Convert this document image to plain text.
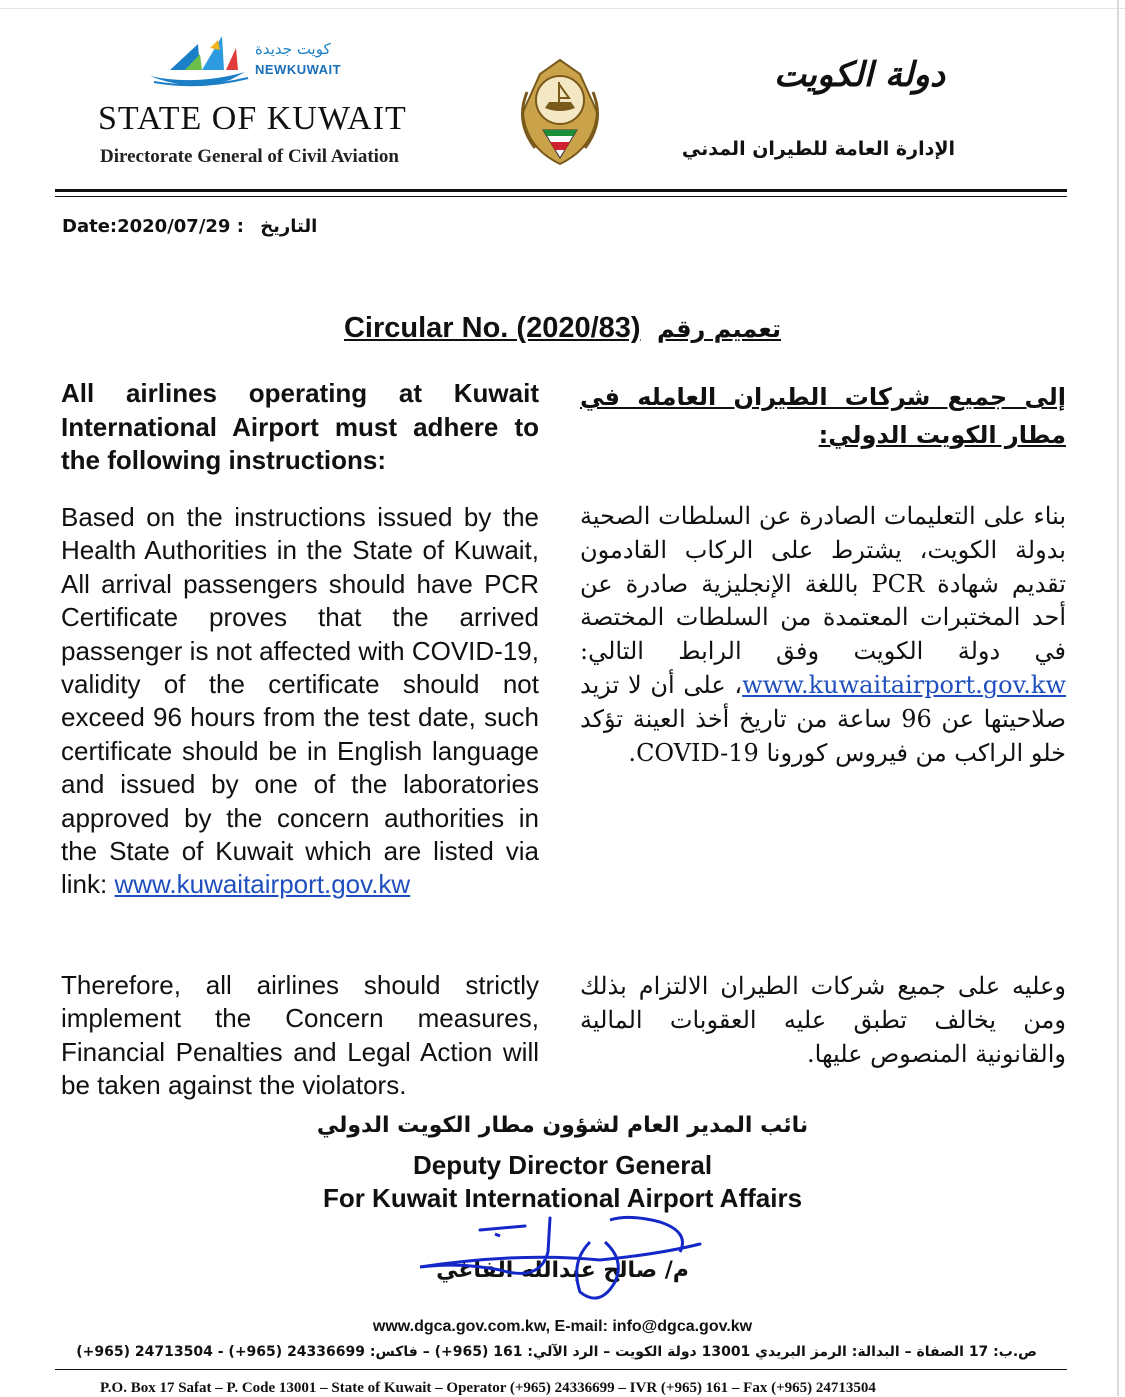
كويت جديدة
NEWKUWAIT
STATE OF KUWAIT
Directorate General of Civil Aviation
دولة الكويت
الإدارة العامة للطيران المدني
Date:2020/07/29 : التاريخ
Circular No. (2020/83) تعميم رقم

All airlines operating at Kuwait International Airport must adhere to the following instructions:

Based on the instructions issued by the Health Authorities in the State of Kuwait, All arrival passengers should have PCR Certificate proves that the arrived passenger is not affected with COVID-19, validity of the certificate should not exceed 96 hours from the test date, such certificate should be in English language and issued by one of the laboratories approved by the concern authorities in the State of Kuwait which are listed via link: www.kuwaitairport.gov.kw

Therefore, all airlines should strictly implement the Concern measures, Financial Penalties and Legal Action will be taken against the violators.

إلى جميع شركات الطيران العامله في مطار الكويت الدولي:

بناء على التعليمات الصادرة عن السلطات الصحية بدولة الكويت، يشترط على الركاب القادمون تقديم شهادة PCR باللغة الإنجليزية صادرة عن أحد المختبرات المعتمدة من السلطات المختصة في دولة الكويت وفق الرابط التالي: www.kuwaitairport.gov.kw، على أن لا تزيد صلاحيتها عن 96 ساعة من تاريخ أخذ العينة تؤكد خلو الراكب من فيروس كورونا COVID-19.

وعليه على جميع شركات الطيران الالتزام بذلك ومن يخالف تطبق عليه العقوبات المالية والقانونية المنصوص عليها.

نائب المدير العام لشؤون مطار الكويت الدولي
Deputy Director General
For Kuwait International Airport Affairs
م/ صالح عبدالله الفاغي
www.dgca.gov.com.kw, E-mail: info@dgca.gov.kw
ص.ب: 17 الصفاة – البدالة: الرمز البريدي 13001 دولة الكويت – الرد الآلي: 161 (965+) – فاكس: 24336699 (965+) - 24713504 (965+)
P.O. Box 17 Safat – P. Code 13001 – State of Kuwait – Operator (+965) 24336699 – IVR (+965) 161 – Fax (+965) 24713504
